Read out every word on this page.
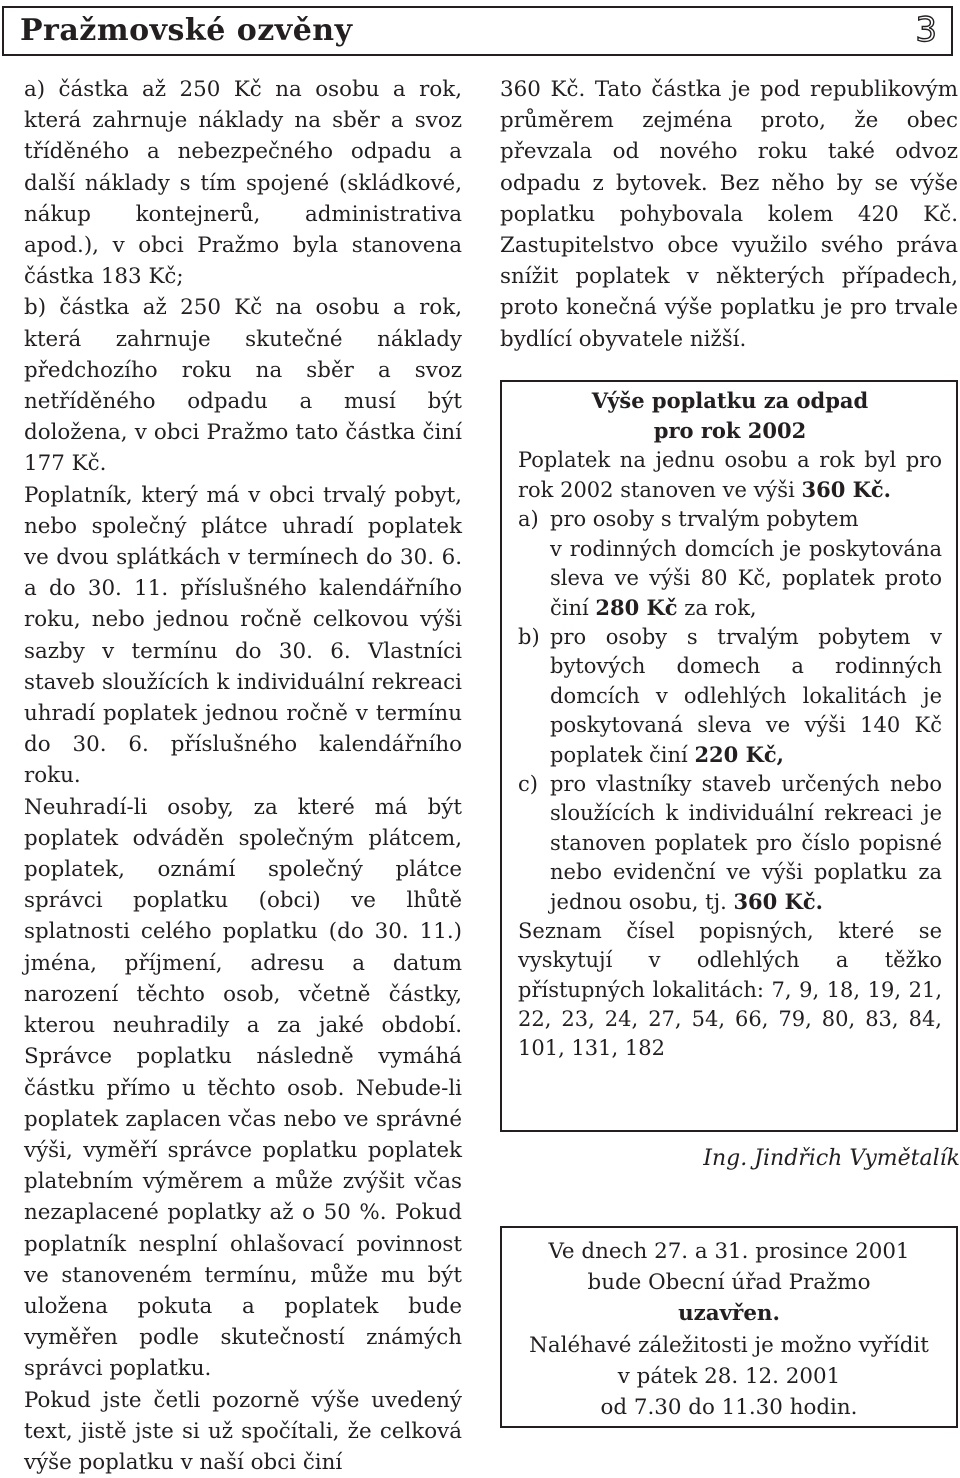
Pražmovské ozvěny	3

a) částka až 250 Kč na osobu a rok, která zahrnuje náklady na sběr a svoz tříděného a nebezpečného odpadu a další náklady s tím spojené (skládkové, nákup kontejnerů, administrativa apod.), v obci Pražmo byla stanovena částka 183 Kč;

b) částka až 250 Kč na osobu a rok, která zahrnuje skutečné náklady předchozího roku na sběr a svoz netříděného odpadu a musí být doložena, v obci Pražmo tato částka činí 177 Kč.

Poplatník, který má v obci trvalý pobyt, nebo společný plátce uhradí poplatek ve dvou splátkách v termínech do 30. 6. a do 30. 11. příslušného kalendářního roku, nebo jednou ročně celkovou výši sazby v termínu do 30. 6. Vlastníci staveb sloužících k individuální rekreaci uhradí poplatek jednou ročně v termínu do 30. 6. příslušného kalendářního roku.

Neuhradí-li osoby, za které má být poplatek odváděn společným plátcem, poplatek, oznámí společný plátce správci poplatku (obci) ve lhůtě splatnosti celého poplatku (do 30. 11.) jména, příjmení, adresu a datum narození těchto osob, včetně částky, kterou neuhradily a za jaké období. Správce poplatku následně vymáhá částku přímo u těchto osob. Nebude-li poplatek zaplacen včas nebo ve správné výši, vyměří správce poplatku poplatek platebním výměrem a může zvýšit včas nezaplacené poplatky až o 50 %. Pokud poplatník nesplní ohlašovací povinnost ve stanoveném termínu, může mu být uložena pokuta a poplatek bude vyměřen podle skutečností známých správci poplatku.

Pokud jste četli pozorně výše uvedený text, jistě jste si už spočítali, že celková výše poplatku v naší obci činí

360 Kč. Tato částka je pod republikovým průměrem zejména proto, že obec převzala od nového roku také odvoz odpadu z bytovek. Bez něho by se výše poplatku pohybovala kolem 420 Kč. Zastupitelstvo obce využilo svého práva snížit poplatek v některých případech, proto konečná výše poplatku je pro trvale bydlící obyvatele nižší.

Výše poplatku za odpad
pro rok 2002

Poplatek na jednu osobu a rok byl pro rok 2002 stanoven ve výši 360 Kč.

a) pro osoby s trvalým pobytem

v rodinných domcích je poskytována sleva ve výši 80 Kč, poplatek proto činí 280 Kč za rok,

b) pro osoby s trvalým pobytem v bytových domech a rodinných domcích v odlehlých lokalitách je poskytovaná sleva ve výši 140 Kč poplatek činí 220 Kč,
c) pro vlastníky staveb určených nebo sloužících k individuální rekreaci je stanoven poplatek pro číslo popisné nebo evidenční ve výši poplatku za jednou osobu, tj. 360 Kč.

Seznam čísel popisných, které se vyskytují v odlehlých a těžko přístupných lokalitách: 7, 9, 18, 19, 21, 22, 23, 24, 27, 54, 66, 79, 80, 83, 84, 101, 131, 182

Ing. Jindřich Vymětalík
Ve dnech 27. a 31. prosince 2001
bude Obecní úřad Pražmo
uzavřen.
Naléhavé záležitosti je možno vyřídit
v pátek 28. 12. 2001
od 7.30 do 11.30 hodin.
